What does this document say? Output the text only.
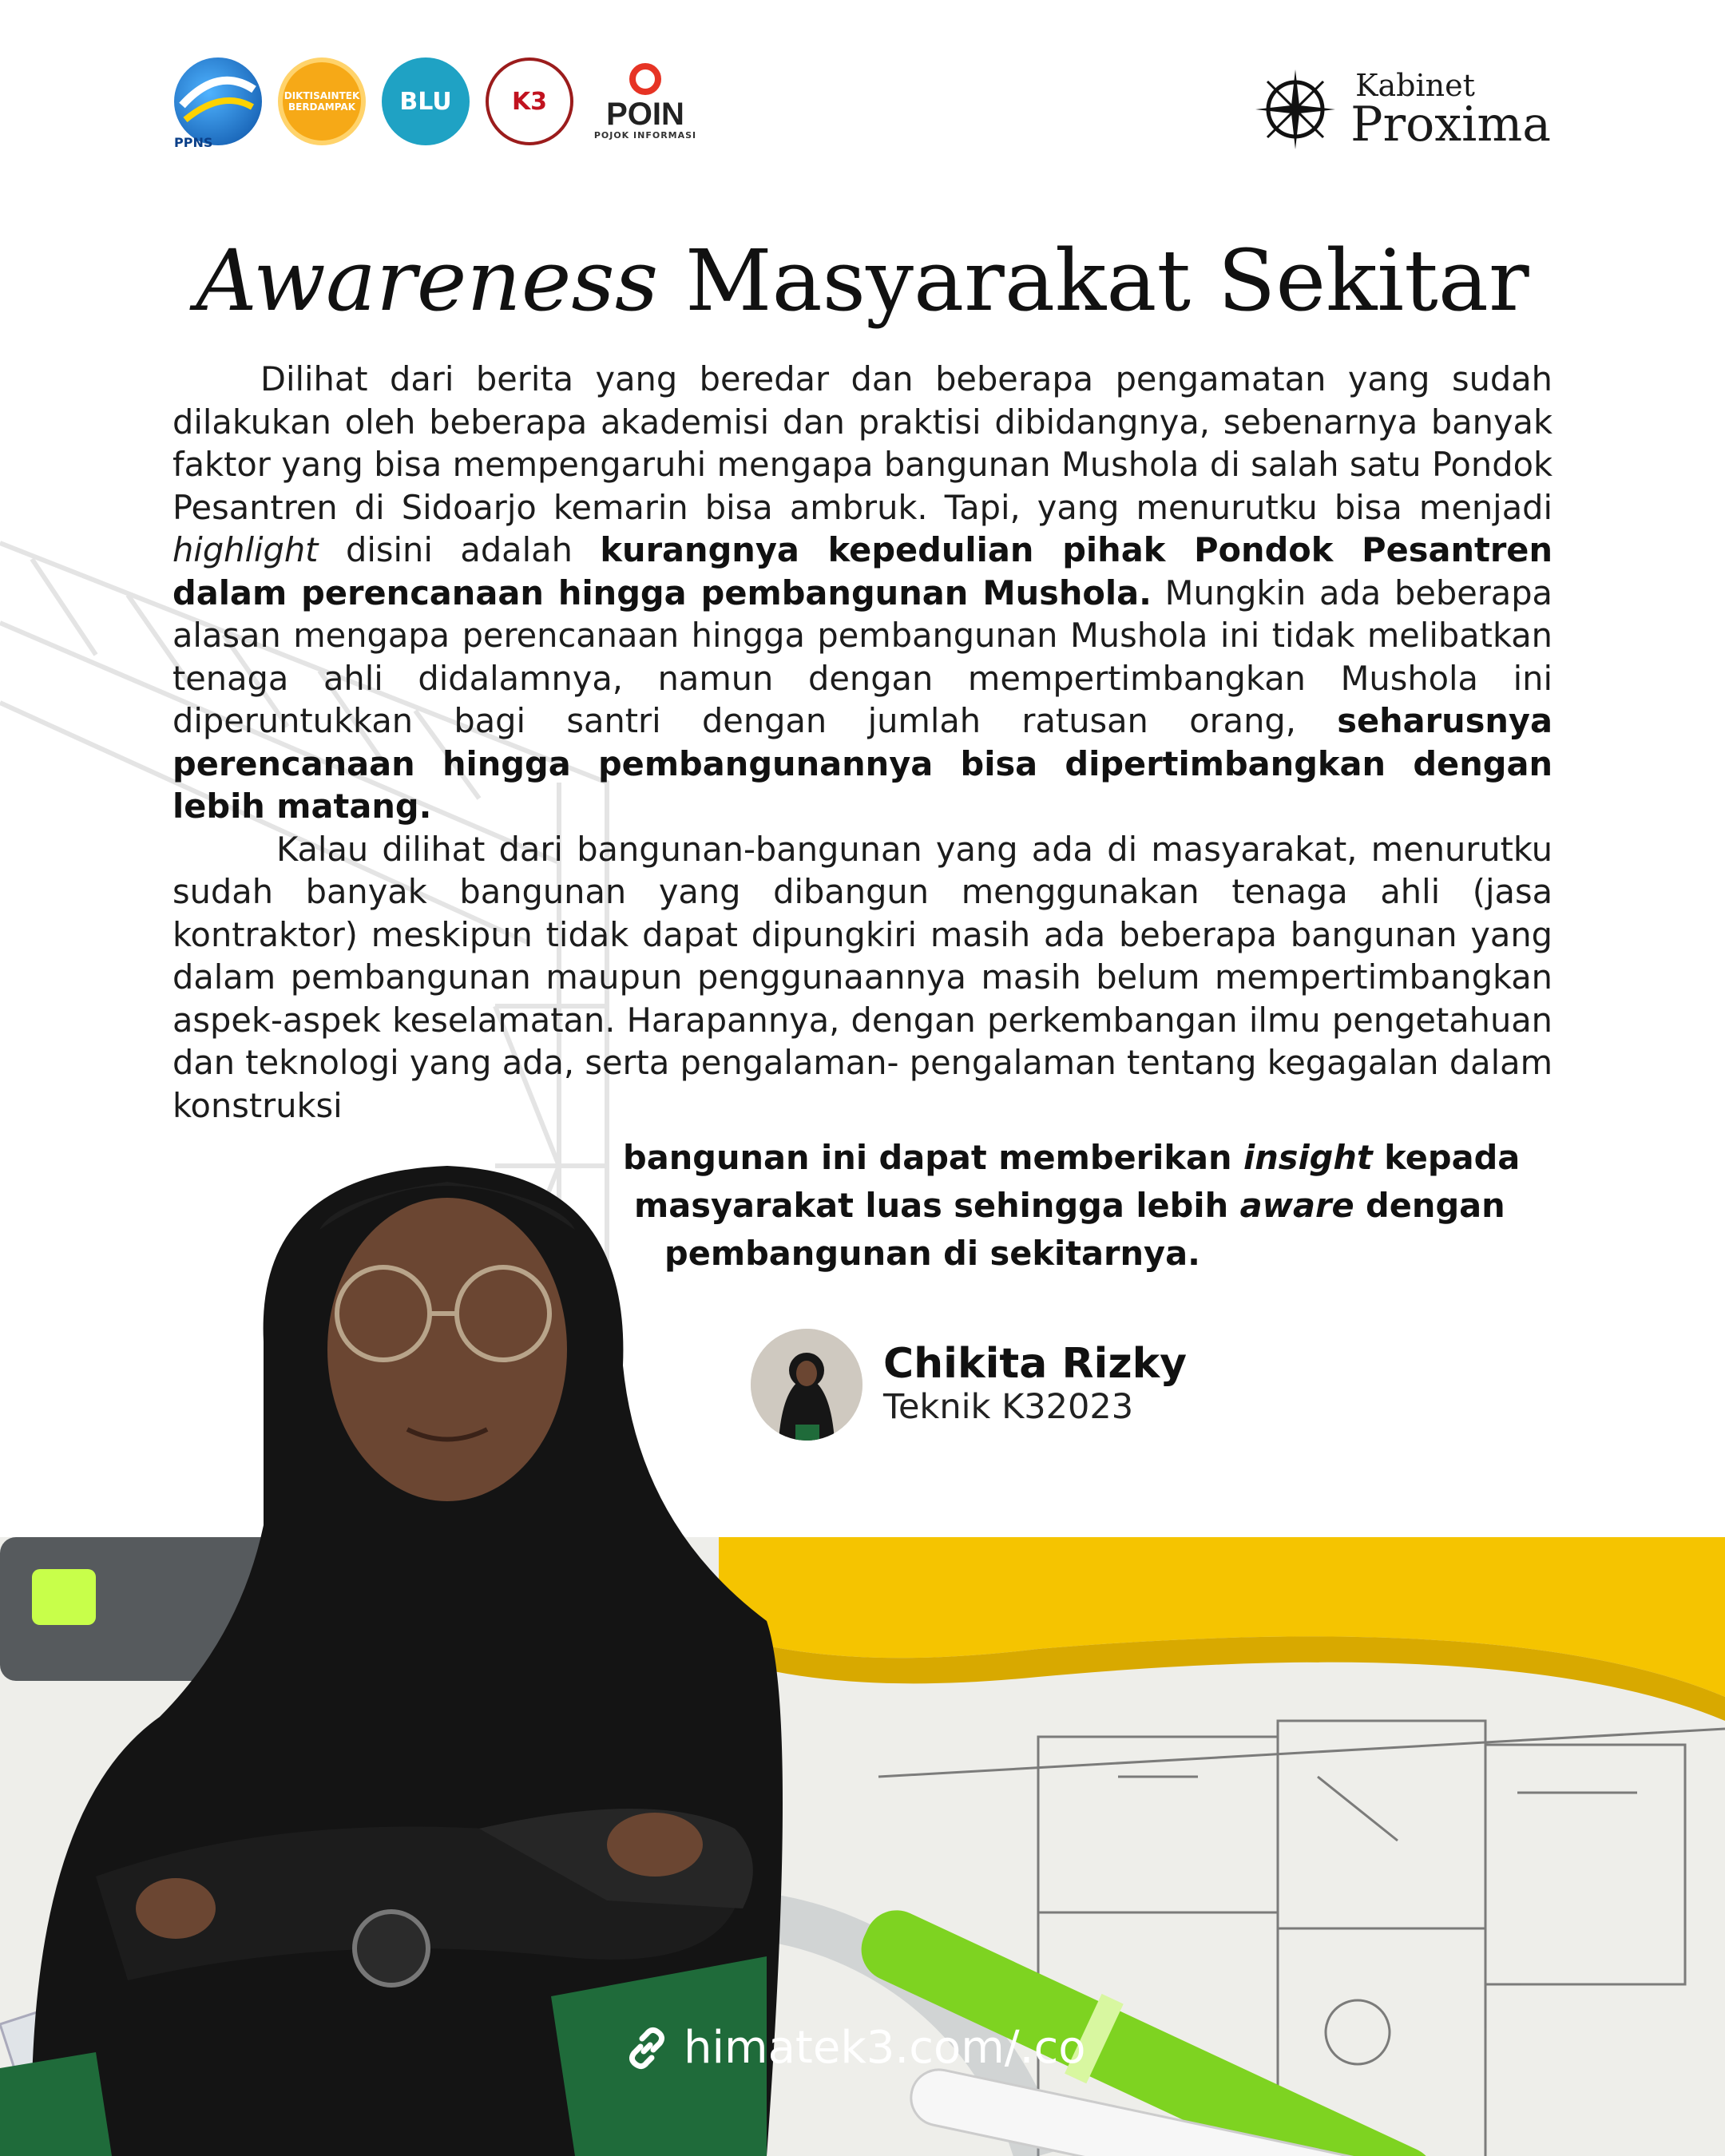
PPNS
DIKTISAINTEK BERDAMPAK BLU	K3 POIN
POJOK INFORMASI
Kabinet
Proxima
Awareness Masyarakat Sekitar

Dilihat dari berita yang beredar dan beberapa pengamatan yang sudah dilakukan oleh beberapa akademisi dan praktisi dibidangnya, sebenarnya banyak faktor yang bisa mempengaruhi mengapa bangunan Mushola di salah satu Pondok Pesantren di Sidoarjo kemarin bisa ambruk. Tapi, yang menurutku bisa menjadi highlight disini adalah kurangnya kepedulian pihak Pondok Pesantren dalam perencanaan hingga pembangunan Mushola. Mungkin ada beberapa alasan mengapa perencanaan hingga pembangunan Mushola ini tidak melibatkan tenaga ahli didalamnya, namun dengan mempertimbangkan Mushola ini diperuntukkan bagi santri dengan jumlah ratusan orang, seharusnya perencanaan hingga pembangunannya bisa dipertimbangkan dengan lebih matang.

Kalau dilihat dari bangunan-bangunan yang ada di masyarakat, menurutku sudah banyak bangunan yang dibangun menggunakan tenaga ahli (jasa kontraktor) meskipun tidak dapat dipungkiri masih ada beberapa bangunan yang dalam pembangunan maupun penggunaannya masih belum mempertimbangkan aspek-aspek keselamatan. Harapannya, dengan perkembangan ilmu pengetahuan dan teknologi yang ada, serta pengalaman- pengalaman tentang kegagalan dalam konstruksi

bangunan ini dapat memberikan insight kepada
masyarakat luas sehingga lebih aware dengan
pembangunan di sekitarnya.
Chikita Rizky
Teknik K32023
himatek3.com/.co
